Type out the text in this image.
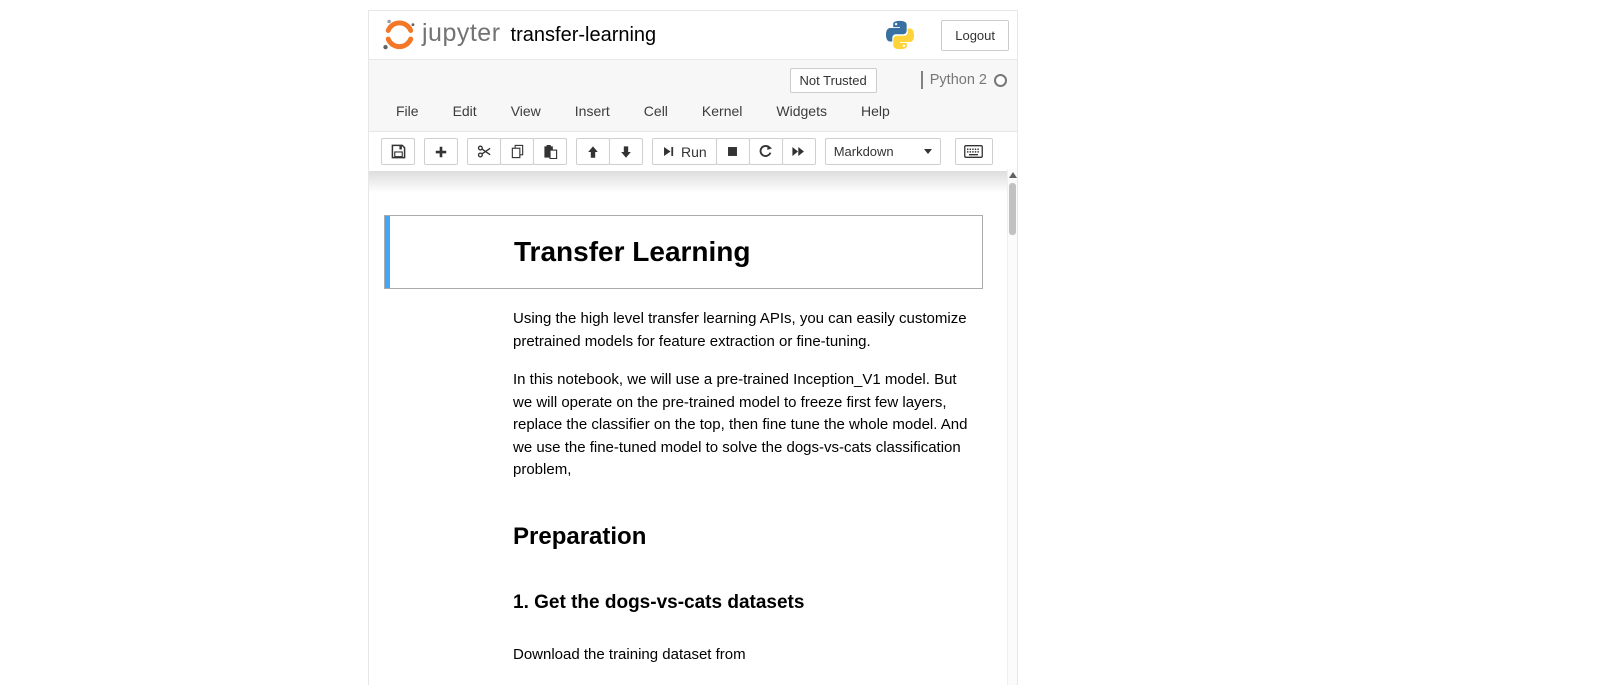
jupyter transfer-learning	Logout
Not Trusted	Python 2
File	Edit	View	Insert	Cell	Kernel	Widgets	Help
Run	Markdown
Transfer Learning
Using the high level transfer learning APIs, you can easily customize pretrained models for feature extraction or fine-tuning.
In this notebook, we will use a pre-trained Inception_V1 model. But we will operate on the pre-trained model to freeze first few layers, replace the classifier on the top, then fine tune the whole model. And we use the fine-tuned model to solve the dogs-vs-cats classification problem,
Preparation
1. Get the dogs-vs-cats datasets
Download the training dataset from
